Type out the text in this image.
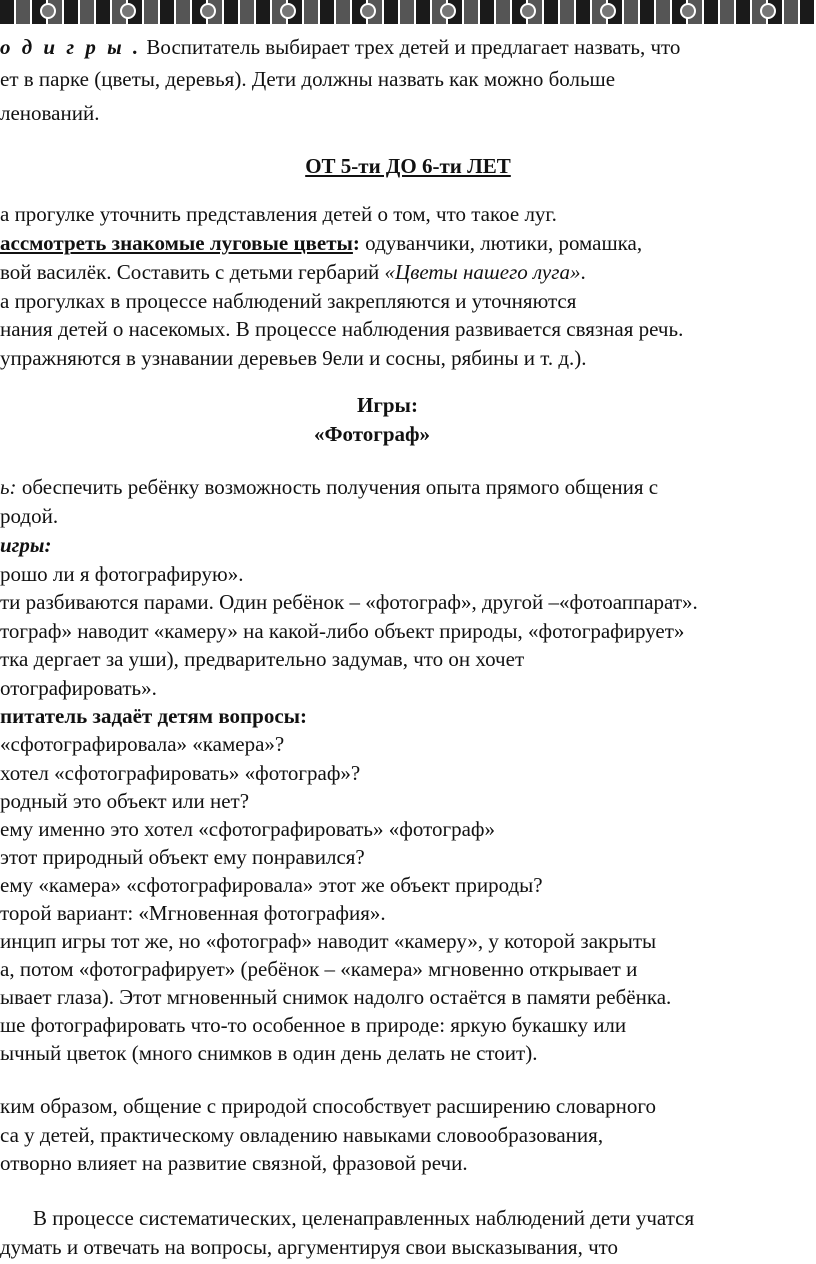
о д и г р ы . Воспитатель выбирает трех детей и предлагает назвать, что
ет в парке (цветы, деревья). Дети должны назвать как можно больше
ленований.
ОТ 5-ти ДО 6-ти ЛЕТ
а прогулке уточнить представления детей о том, что такое луг.
ассмотреть знакомые луговые цветы: одуванчики, лютики, ромашка,
вой василёк. Составить с детьми гербарий «Цветы нашего луга».
а прогулках в процессе наблюдений закрепляются и уточняются
нания детей о насекомых. В процессе наблюдения развивается связная речь.
упражняются в узнавании деревьев 9ели и сосны, рябины и т. д.).
Игры:
«Фотограф»
ь: обеспечить ребёнку возможность получения опыта прямого общения с
родой.
игры:
рошо ли я фотографирую».
ти разбиваются парами. Один ребёнок – «фотограф», другой –«фотоаппарат».
тограф» наводит «камеру» на какой-либо объект природы, «фотографирует»
тка дергает за уши), предварительно задумав, что он хочет
отографировать».
питатель задаёт детям вопросы:
«сфотографировала» «камера»?
хотел «сфотографировать» «фотограф»?
родный это объект или нет?
ему именно это хотел «сфотографировать» «фотограф»
этот природный объект ему понравился?
ему «камера» «сфотографировала» этот же объект природы?
торой вариант: «Мгновенная фотография».
инцип игры тот же, но «фотограф» наводит «камеру», у которой закрыты
а, потом «фотографирует» (ребёнок – «камера» мгновенно открывает и
ывает глаза). Этот мгновенный снимок надолго остаётся в памяти ребёнка.
ше фотографировать что-то особенное в природе: яркую букашку или
ычный цветок (много снимков в один день делать не стоит).
ким образом, общение с природой способствует расширению словарного
са у детей, практическому овладению навыками словообразования,
отворно влияет на развитие связной, фразовой речи.
В процессе систематических, целенаправленных наблюдений дети учатся
думать и отвечать на вопросы, аргументируя свои высказывания, что
